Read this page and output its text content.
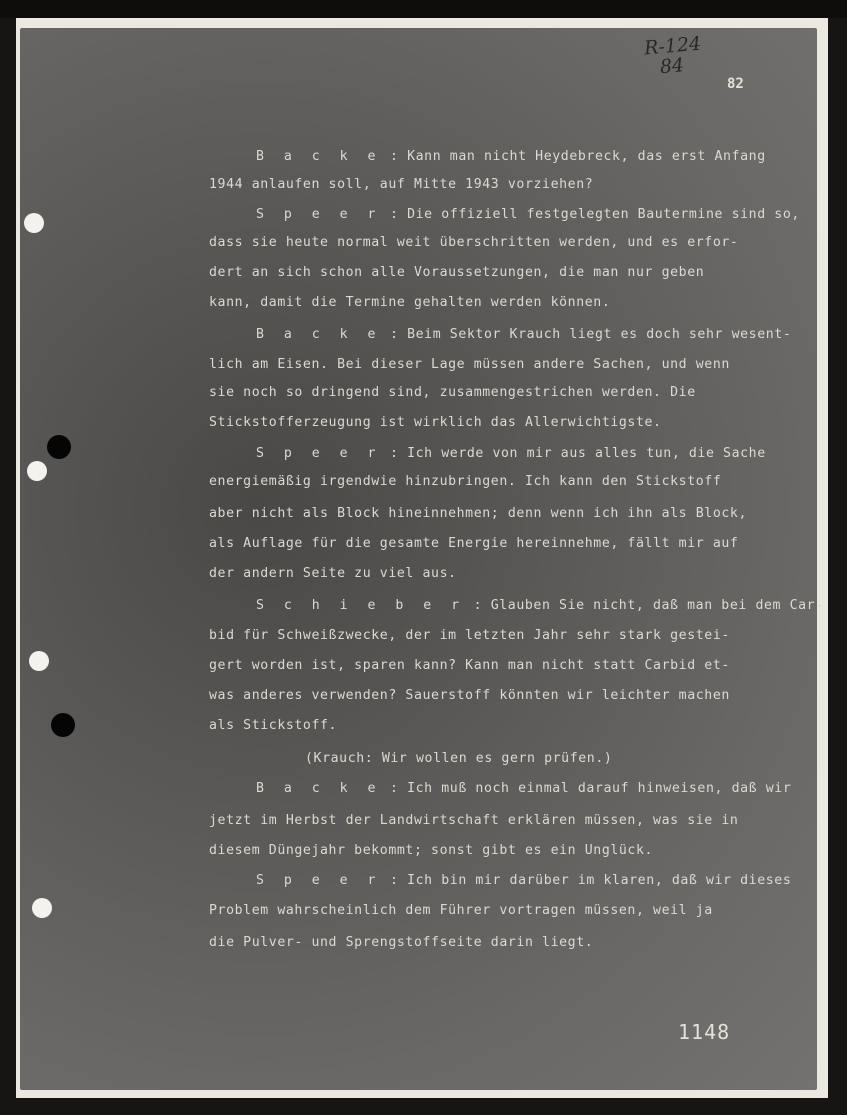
R-124
84
82
B a c k e : Kann man nicht Heydebreck, das erst Anfang
1944 anlaufen soll, auf Mitte 1943 vorziehen?
S p e e r : Die offiziell festgelegten Bautermine sind so,
dass sie heute normal weit überschritten werden, und es erfor-
dert an sich schon alle Voraussetzungen, die man nur geben
kann, damit die Termine gehalten werden können.
B a c k e : Beim Sektor Krauch liegt es doch sehr wesent-
lich am Eisen. Bei dieser Lage müssen andere Sachen, und wenn
sie noch so dringend sind, zusammengestrichen werden. Die
Stickstofferzeugung ist wirklich das Allerwichtigste.
S p e e r : Ich werde von mir aus alles tun, die Sache
energiemäßig irgendwie hinzubringen. Ich kann den Stickstoff
aber nicht als Block hineinnehmen; denn wenn ich ihn als Block,
als Auflage für die gesamte Energie hereinnehme, fällt mir auf
der andern Seite zu viel aus.
S c h i e b e r : Glauben Sie nicht, daß man bei dem Car-
bid für Schweißzwecke, der im letzten Jahr sehr stark gestei-
gert worden ist, sparen kann? Kann man nicht statt Carbid et-
was anderes verwenden? Sauerstoff könnten wir leichter machen
als Stickstoff.
(Krauch: Wir wollen es gern prüfen.)
B a c k e : Ich muß noch einmal darauf hinweisen, daß wir
jetzt im Herbst der Landwirtschaft erklären müssen, was sie in
diesem Düngejahr bekommt; sonst gibt es ein Unglück.
S p e e r : Ich bin mir darüber im klaren, daß wir dieses
Problem wahrscheinlich dem Führer vortragen müssen, weil ja
die Pulver- und Sprengstoffseite darin liegt.
1148
